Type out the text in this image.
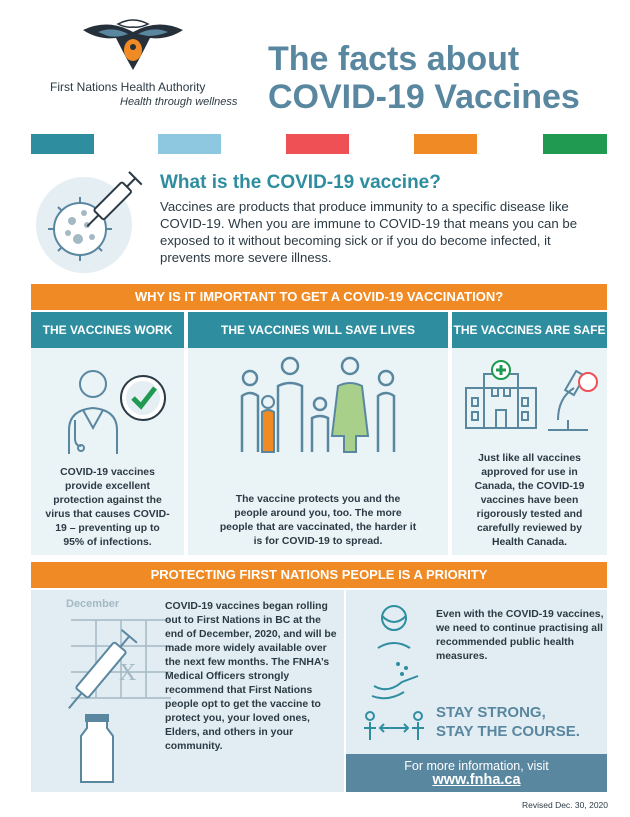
First Nations Health Authority
Health through wellness
The facts about
COVID-19 Vaccines
What is the COVID-19 vaccine?
Vaccines are products that produce immunity to a specific disease like COVID-19. When you are immune to COVID-19 that means you can be exposed to it without becoming sick or if you do become infected, it prevents more severe illness.
WHY IS IT IMPORTANT TO GET A COVID-19 VACCINATION?
THE VACCINES WORK
COVID-19 vaccines provide excellent protection against the virus that causes COVID-19 – preventing up to 95% of infections.
THE VACCINES WILL SAVE LIVES
The vaccine protects you and the people around you, too. The more people that are vaccinated, the harder it is for COVID-19 to spread.
THE VACCINES ARE SAFE
Just like all vaccines approved for use in Canada, the COVID-19 vaccines have been rigorously tested and carefully reviewed by Health Canada.
PROTECTING FIRST NATIONS PEOPLE IS A PRIORITY
X
December	COVID-19 vaccines began rolling out to First Nations in BC at the end of December, 2020, and will be made more widely available over the next few months. The FNHA’s Medical Officers strongly recommend that First Nations people opt to get the vaccine to protect you, your loved ones, Elders, and others in your community.
Even with the COVID-19 vaccines, we need to continue practising all recommended public health measures.
STAY STRONG,
STAY THE COURSE.
For more information, visit
www.fnha.ca
Revised Dec. 30, 2020
